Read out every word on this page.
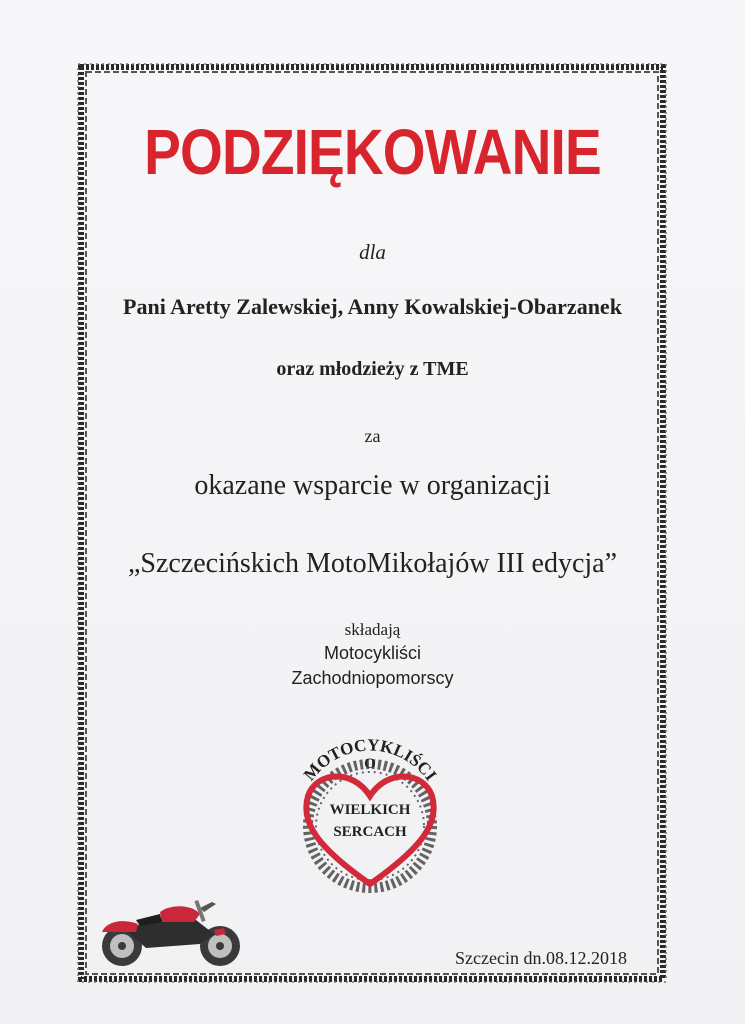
PODZIĘKOWANIE
dla
Pani Aretty Zalewskiej, Anny Kowalskiej-Obarzanek
oraz młodzieży z TME
za
okazane wsparcie w organizacji
„Szczecińskich MotoMikołajów III edycja”
składają
Motocykliści
Zachodniopomorscy
MOTOCYKLIŚCI
O
WIELKICH
SERCACH
Szczecin dn.08.12.2018
